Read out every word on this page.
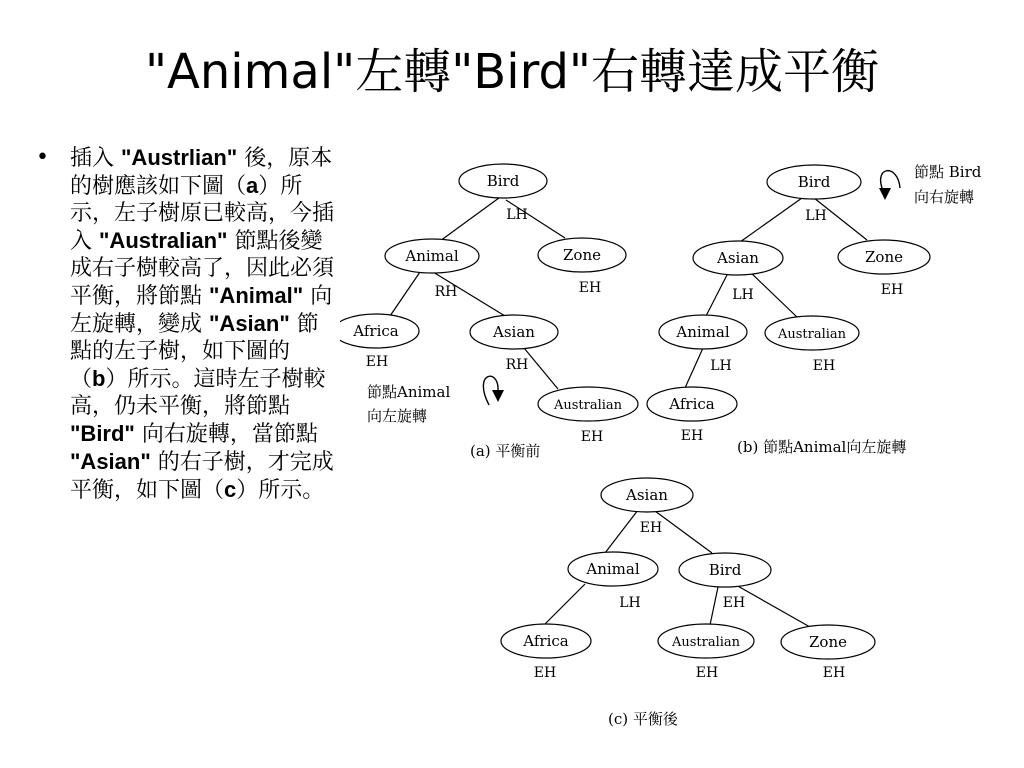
"Animal"左轉"Bird"右轉達成平衡
• 插入 "Austrlian" 後，原本的樹應該如下圖（a）所示，左子樹原已較高，今插入 "Australian" 節點後變成右子樹較高了，因此必須平衡，將節點 "Animal" 向左旋轉，變成 "Asian" 節點的左子樹，如下圖的（b）所示。這時左子樹較高，仍未平衡，將節點 "Bird" 向右旋轉，當節點 "Asian" 的右子樹，才完成平衡，如下圖（c）所示。
Bird
LH
Animal
RH
Zone
EH
Africa
EH
Asian
RH
Australian
EH
節點Animal
向左旋轉
(a) 平衡前
Bird
LH
Asian
LH
Zone
EH
Animal
LH
Australian
EH
Africa
EH
節點 Bird
向右旋轉
(b) 節點Animal向左旋轉
Asian
EH
Animal
LH
Bird
EH
Africa
EH
Australian
EH
Zone
EH
(c) 平衡後
